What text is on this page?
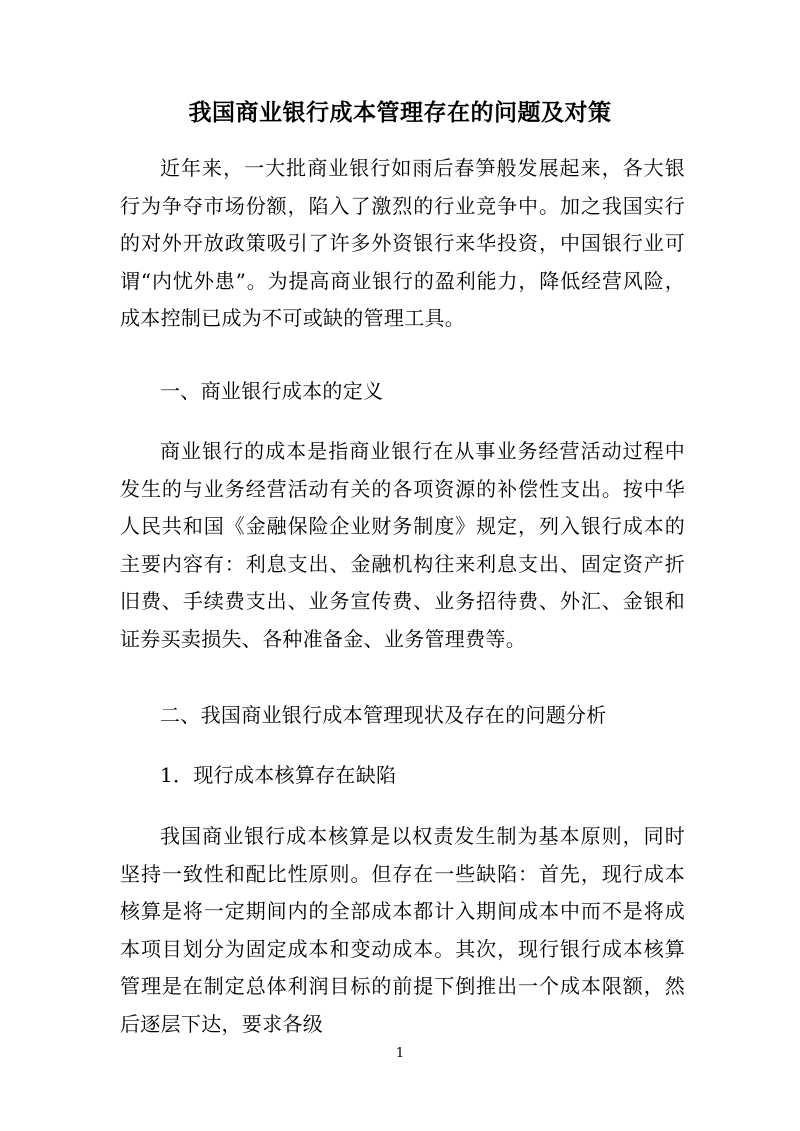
我国商业银行成本管理存在的问题及对策
近年来，一大批商业银行如雨后春笋般发展起来，各大银行为争夺市场份额，陷入了激烈的行业竞争中。加之我国实行的对外开放政策吸引了许多外资银行来华投资，中国银行业可谓“内忧外患”。为提高商业银行的盈利能力，降低经营风险，成本控制已成为不可或缺的管理工具。
一、商业银行成本的定义
商业银行的成本是指商业银行在从事业务经营活动过程中发生的与业务经营活动有关的各项资源的补偿性支出。按中华人民共和国《金融保险企业财务制度》规定，列入银行成本的主要内容有：利息支出、金融机构往来利息支出、固定资产折旧费、手续费支出、业务宣传费、业务招待费、外汇、金银和证券买卖损失、各种准备金、业务管理费等。
二、我国商业银行成本管理现状及存在的问题分析
1．现行成本核算存在缺陷
我国商业银行成本核算是以权责发生制为基本原则，同时坚持一致性和配比性原则。但存在一些缺陷：首先，现行成本核算是将一定期间内的全部成本都计入期间成本中而不是将成本项目划分为固定成本和变动成本。其次，现行银行成本核算管理是在制定总体利润目标的前提下倒推出一个成本限额，然后逐层下达，要求各级
1
